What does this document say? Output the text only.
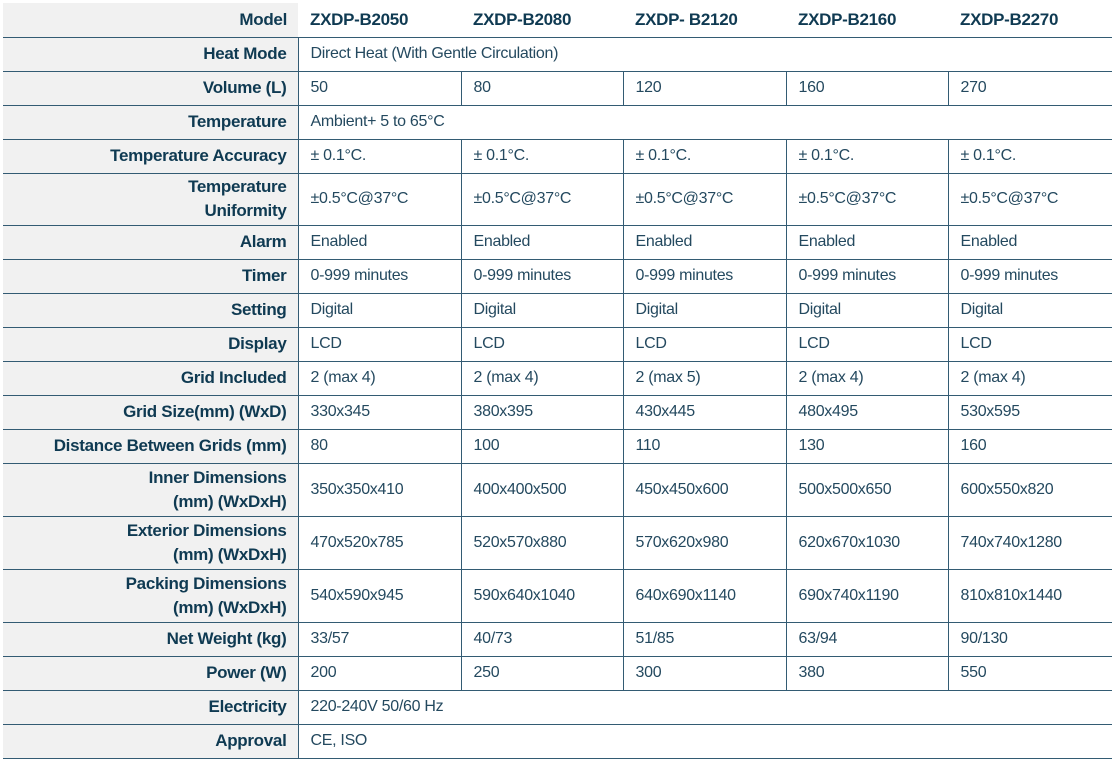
Model	ZXDP-B2050	ZXDP-B2080	ZXDP- B2120	ZXDP-B2160	ZXDP-B2270
Heat Mode	Direct Heat (With Gentle Circulation)				
Volume (L)	50	80	120	160	270
Temperature	Ambient+ 5 to 65°C				
Temperature Accuracy	± 0.1°C.	± 0.1°C.	± 0.1°C.	± 0.1°C.	± 0.1°C.
Temperature
Uniformity	±0.5°C@37°C	±0.5°C@37°C	±0.5°C@37°C	±0.5°C@37°C	±0.5°C@37°C
Alarm	Enabled	Enabled	Enabled	Enabled	Enabled
Timer	0-999 minutes	0-999 minutes	0-999 minutes	0-999 minutes	0-999 minutes
Setting	Digital	Digital	Digital	Digital	Digital
Display	LCD	LCD	LCD	LCD	LCD
Grid Included	2 (max 4)	2 (max 4)	2 (max 5)	2 (max 4)	2 (max 4)
Grid Size(mm) (WxD)	330x345	380x395	430x445	480x495	530x595
Distance Between Grids (mm)	80	100	110	130	160
Inner Dimensions
(mm) (WxDxH)	350x350x410	400x400x500	450x450x600	500x500x650	600x550x820
Exterior Dimensions
(mm) (WxDxH)	470x520x785	520x570x880	570x620x980	620x670x1030	740x740x1280
Packing Dimensions
(mm) (WxDxH)	540x590x945	590x640x1040	640x690x1140	690x740x1190	810x810x1440
Net Weight (kg)	33/57	40/73	51/85	63/94	90/130
Power (W)	200	250	300	380	550
Electricity	220-240V 50/60 Hz				
Approval	CE, ISO				
